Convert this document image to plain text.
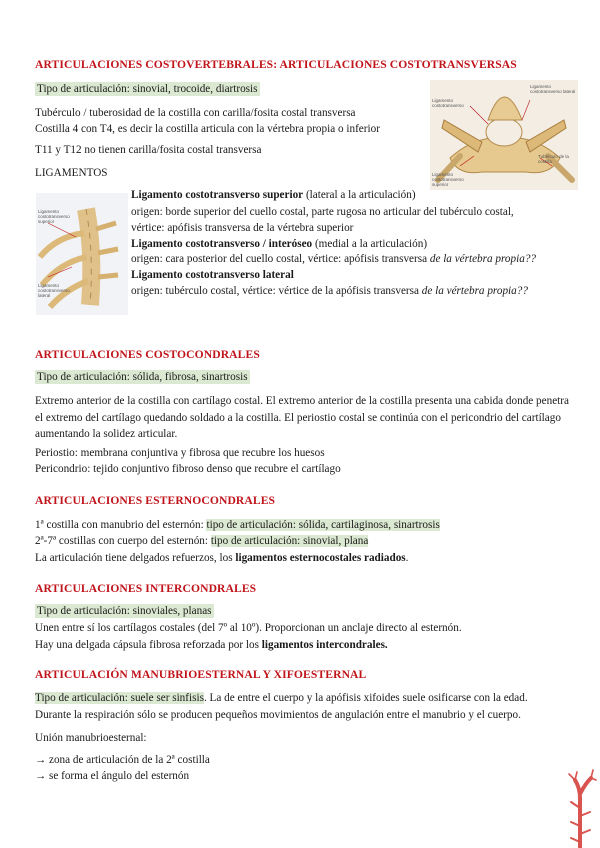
ARTICULACIONES COSTOVERTEBRALES: ARTICULACIONES COSTOTRANSVERSAS
Tipo de articulación: sinovial, trocoide, diartrosis
Tubérculo / tuberosidad de la costilla con carilla/fosita costal transversa
Costilla 4 con T4, es decir la costilla articula con la vértebra propia o inferior
T11 y T12 no tienen carilla/fosita costal transversa
LIGAMENTOS
Ligamento costotransverso
Ligamento costotransverso lateral
Tubérculo de la costilla
Ligamento costotransverso superior
Ligamento costotransverso superior
Ligamento costotransverso lateral
Ligamento costotransverso superior (lateral a la articulación)
origen: borde superior del cuello costal, parte rugosa no articular del tubérculo costal,
vértice: apófisis transversa de la vértebra superior
Ligamento costotransverso / interóseo (medial a la articulación)
origen: cara posterior del cuello costal, vértice: apófisis transversa de la vértebra propia??
Ligamento costotransverso lateral
origen: tubérculo costal, vértice: vértice de la apófisis transversa de la vértebra propia??
ARTICULACIONES COSTOCONDRALES
Tipo de articulación: sólida, fibrosa, sinartrosis
Extremo anterior de la costilla con cartílago costal. El extremo anterior de la costilla presenta una cabida donde penetra el extremo del cartílago quedando soldado a la costilla. El periostio costal se continúa con el pericondrio del cartílago aumentando la solidez articular.
Periostio: membrana conjuntiva y fibrosa que recubre los huesos
Pericondrio: tejido conjuntivo fibroso denso que recubre el cartílago
ARTICULACIONES ESTERNOCONDRALES
1ª costilla con manubrio del esternón: tipo de articulación: sólida, cartilaginosa, sinartrosis
2ª-7ª costillas con cuerpo del esternón: tipo de articulación: sinovial, plana
La articulación tiene delgados refuerzos, los ligamentos esternocostales radiados.
ARTICULACIONES INTERCONDRALES
Tipo de articulación: sinoviales, planas
Unen entre sí los cartílagos costales (del 7º al 10º). Proporcionan un anclaje directo al esternón.
Hay una delgada cápsula fibrosa reforzada por los ligamentos intercondrales.
ARTICULACIÓN MANUBRIOESTERNAL Y XIFOESTERNAL
Tipo de articulación: suele ser sinfisis. La de entre el cuerpo y la apófisis xifoides suele osificarse con la edad.
Durante la respiración sólo se producen pequeños movimientos de angulación entre el manubrio y el cuerpo.
Unión manubrioesternal:
→ zona de articulación de la 2ª costilla
→ se forma el ángulo del esternón
